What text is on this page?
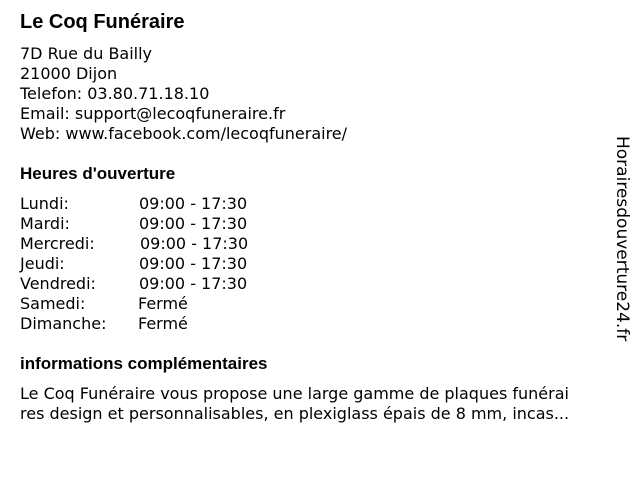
Le Coq Funéraire
7D Rue du Bailly
21000 Dijon
Telefon: 03.80.71.18.10
Email: support@lecoqfuneraire.fr
Web: www.facebook.com/lecoqfuneraire/
Heures d'ouverture
Lundi:	09:00 - 17:30
Mardi:	09:00 - 17:30
Mercredi:	09:00 - 17:30
Jeudi:	09:00 - 17:30
Vendredi:	09:00 - 17:30
Samedi:	Fermé
Dimanche: Fermé
informations complémentaires
Le Coq Funéraire vous propose une large gamme de plaques funérai
res design et personnalisables, en plexiglass épais de 8 mm, incas...
Horairesdouverture24.fr
